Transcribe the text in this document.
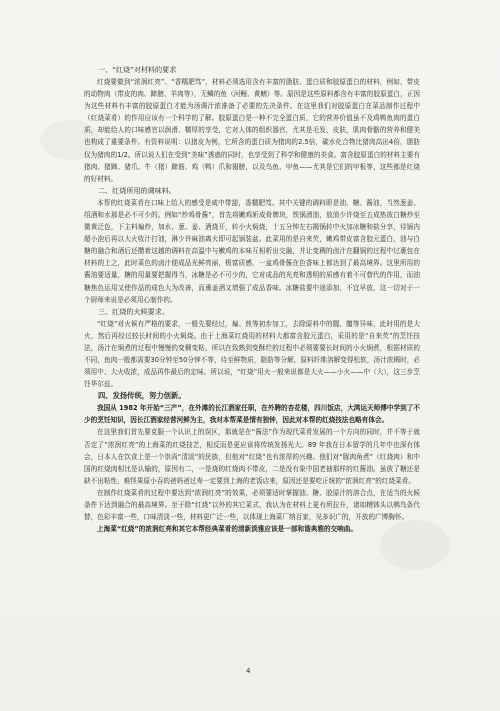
一、“红烧”对材料的要求

红烧要做到“浓润红亮”、“香糯肥笃”，材料必须选用含有丰富的脂肪、蛋白质和胶原蛋白的材料，例如，带皮的动物肉（带皮的肉、蹄膀、羊肉等），无鳞的鱼（河鳗、黄鳝）等。原因是这些原料都含有丰富的胶原蛋白，正因为这些材料有丰富的胶原蛋白才能为汤调汁浓准备了必要的先决条件。在这里我们对胶原蛋白在菜品制作过程中（红烧菜肴）的作用应该有一个科学的了解。胶原蛋白是一种不完全蛋白质，它的营养价值虽不及鸡鸭鱼肉的蛋白质，却能给人的口味感官以润滑、糯厚的享受，它对人体的组织器官，尤其是毛发，皮肤，肌肉骨骼的营养和健美也构成了重要条件。有资料说明：以猪皮为例，它所含的蛋白质为猪肉的2.5倍，碳水化合物比猪肉高出4倍，脂肪仅为猪肉的1/2。所以说人们在受到“美味”诱惑的同时，也享受到了科学和健康的美食。富含胶原蛋白的材料主要有猪肉、猪蹄、猪爪、牛（猪）蹄筋、鸡（鸭）爪和翅膀，以及鸟鱼、甲鱼——尤其是它们的甲板等，这些都是红烧的好材料。

二、红烧所用的调味料。

本帮的红烧菜肴在口味上给人的感受是咸中带甜，香糯肥笃。其中关键的调料即是油、糖、酱油，当然葱姜、绍酒和水那是必不可少的。例如“炒鸡骨酱”，首先将嫩鸡斩成骨牌块，铁锅滑油，放油少许烧至五成热放白糖炒至微黄泛色，下主料煸炒，加水、葱、姜、酒烧开，转小火焖烧，十五分钟左右揭锅转中火加冰糖和盐分享，待锅内超小泡后再以大火收汁打油，淋少许麻油离火即可起锅装盆。此菜用的是自来芡，嫩鸡带皮富含胶元蛋白，油与白糖的融合和酒后还攒着这越的调料在高温中与嫩鸡的本味互相析出交融，并让变稠的卤汁在翻锅的过程中过裹包在材料的上之，此时菜色的卤汁便成品光鲜亮丽，极富质感，一盆鸡骨酱在色香味上都达到了最高境界。这里所用的酱油要适量，糖的用量要把握得当，冰糖是必不可少的，它对成品的光亮和透明的质感有着不可替代的作用，而油糖焦色运用又使作品的成色大为改善，而熏姜酒又增强了成品香味。冰糖盐要中途添加，不宜早放，这一切对于一个厨师来说是必须用心制作的。

三、红烧的火候要求。

“红烧”对火候有严格的要求，一般先要经过，煸、煎等初步加工，去除原料中的腥、膻等异味，此时用的是大火，然后再经过较长时间的小火焖烧。由于上海菜红烧用的材料大都富含胶元蛋白，采用的是“自来芡”的烹饪技法，汤汁在焖煮的过程中慢慢的变稠变粘，所以在致熟到变酥烂的过程中必须要要长时间的小火焖煮，根据材质的不同，鱼肉一般都需要30分钟至50分钟不等，待至鲜物质，脂肪等分解，原料纤维溶解变得松软，汤汁浓稠时，必须用中、大火收浓，成品再作最后的定味。所以说，“红烧”用火一般来说都是大火——小火——中（大），这三步烹饪华尔兹。

四、发扬传统，努力创新。

我国从 1982 年开始“三产”，在外滩的长江酒家任职，在外聘的杏花楼，四川饭店，大鸿运天师傅中学到了不少的烹饪知识，因长江酒家经营河鲜为主，我对本帮菜是情有独钟，因此对本帮的红烧技法也略有体会。

在这里我们首先要克服一个认识上的误区，那就是在“酱法”作为现代菜肴发展的一个方向的同时，并不等于就否定了“浓润红亮”的上海菜的红烧技艺，相反而是更应该将传统发扬光大。89 年我在日本留学的几年中也深有体会，日本人在饮食上是一个崇尚“清淡”的民族，但他对“红烧”也有浓厚的兴趣。他们对“豚肉角煮”（红烧肉）和中国的红烧肉相比是认输的，原因有二，一是烧的红烧肉不带皮，二是没有象中国老抽那样的红酱油。虽放了糖还是缺不出粘性，难怪果原小吞的爸妈爸过寿一定要到上海的老饭店来，原因还是要吃正统的“浓润红亮”的红烧菜肴。

在制作红烧菜肴的过程中要达到“浓润红亮”的效果，必须要适时掌握油、糖、胶原汁的溶合点，在适当的火候条件下达到融合的最高境界。至于除“红烧”以外的其它菜式，我认为在材料上更有所拉升，诸如糟钵头以鹌鸟条代替，色彩丰富一些，口味清淡一些，材料更广泛一些，以体现上海菜厂纳百家，见多识广的，开放的广博胸怀。

上海菜“红烧”的浓润红亮和其它本帮经典菜肴的清新淡雅应该是一部和谐典雅的交响曲。

4
